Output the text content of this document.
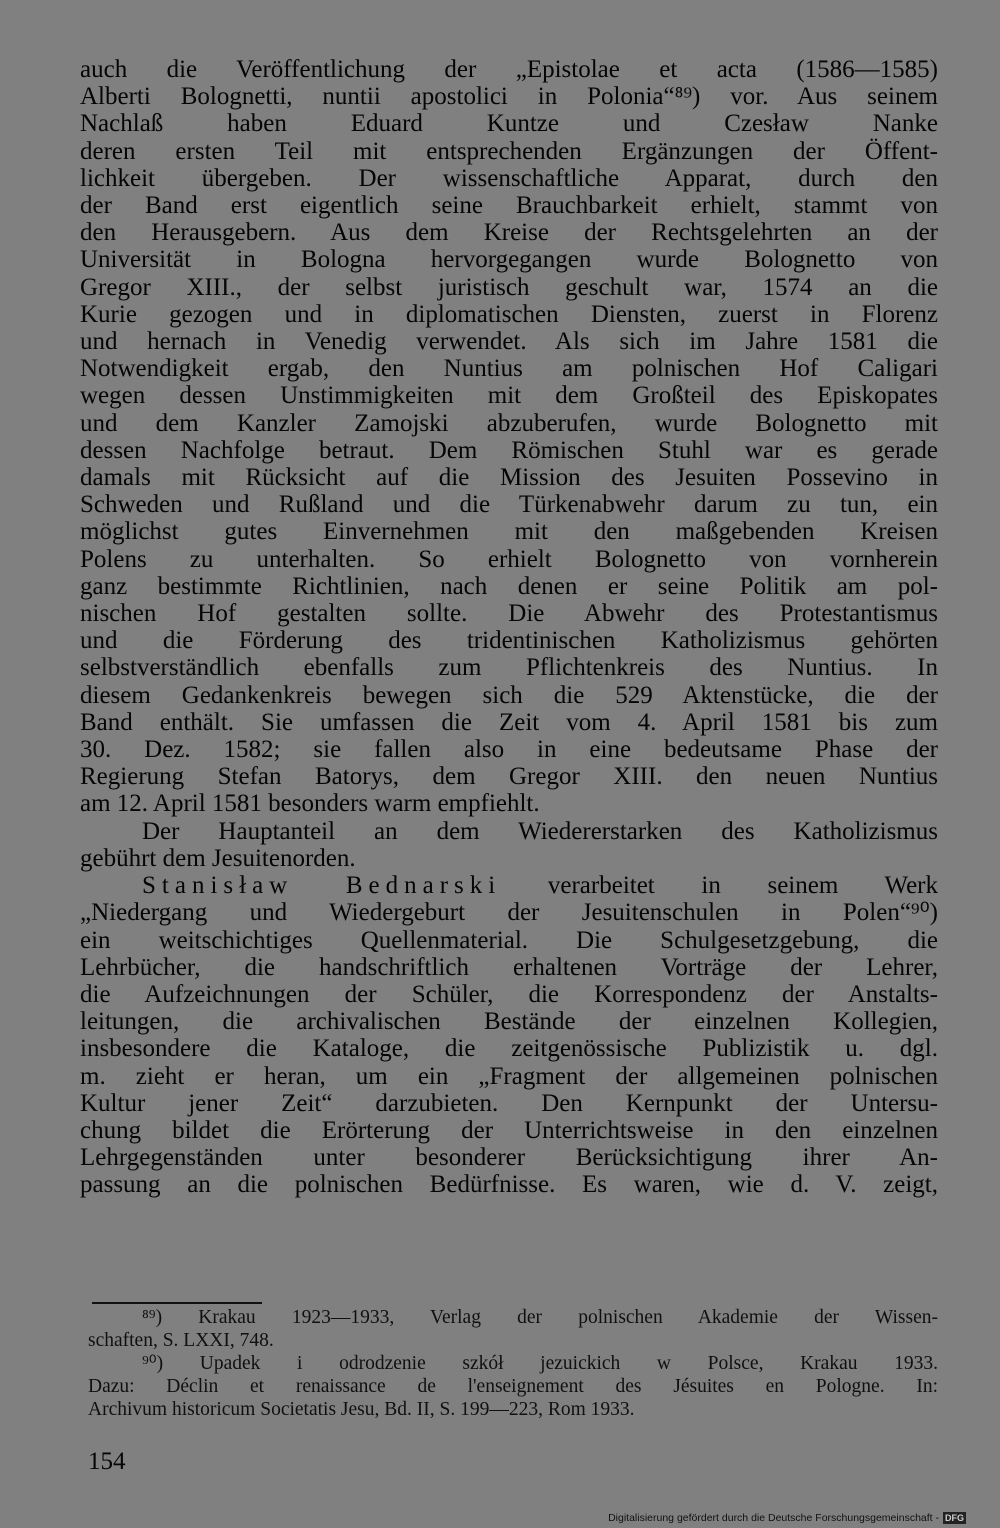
auch die Veröffentlichung der „Epistolae et acta (1586—1585)
Alberti Bolognetti, nuntii apostolici in Polonia“⁸⁹) vor. Aus seinem
Nachlaß haben Eduard Kuntze und Czesław Nanke
deren ersten Teil mit entsprechenden Ergänzungen der Öffent-
lichkeit übergeben. Der wissenschaftliche Apparat, durch den
der Band erst eigentlich seine Brauchbarkeit erhielt, stammt von
den Herausgebern. Aus dem Kreise der Rechtsgelehrten an der
Universität in Bologna hervorgegangen wurde Bolognetto von
Gregor XIII., der selbst juristisch geschult war, 1574 an die
Kurie gezogen und in diplomatischen Diensten, zuerst in Florenz
und hernach in Venedig verwendet. Als sich im Jahre 1581 die
Notwendigkeit ergab, den Nuntius am polnischen Hof Caligari
wegen dessen Unstimmigkeiten mit dem Großteil des Episkopates
und dem Kanzler Zamojski abzuberufen, wurde Bolognetto mit
dessen Nachfolge betraut. Dem Römischen Stuhl war es gerade
damals mit Rücksicht auf die Mission des Jesuiten Possevino in
Schweden und Rußland und die Türkenabwehr darum zu tun, ein
möglichst gutes Einvernehmen mit den maßgebenden Kreisen
Polens zu unterhalten. So erhielt Bolognetto von vornherein
ganz bestimmte Richtlinien, nach denen er seine Politik am pol-
nischen Hof gestalten sollte. Die Abwehr des Protestantismus
und die Förderung des tridentinischen Katholizismus gehörten
selbstverständlich ebenfalls zum Pflichtenkreis des Nuntius. In
diesem Gedankenkreis bewegen sich die 529 Aktenstücke, die der
Band enthält. Sie umfassen die Zeit vom 4. April 1581 bis zum
30. Dez. 1582; sie fallen also in eine bedeutsame Phase der
Regierung Stefan Batorys, dem Gregor XIII. den neuen Nuntius
am 12. April 1581 besonders warm empfiehlt.
Der Hauptanteil an dem Wiedererstarken des Katholizismus
gebührt dem Jesuitenorden.
Stanisław Bednarski verarbeitet in seinem Werk
„Niedergang und Wiedergeburt der Jesuitenschulen in Polen“⁹⁰)
ein weitschichtiges Quellenmaterial. Die Schulgesetzgebung, die
Lehrbücher, die handschriftlich erhaltenen Vorträge der Lehrer,
die Aufzeichnungen der Schüler, die Korrespondenz der Anstalts-
leitungen, die archivalischen Bestände der einzelnen Kollegien,
insbesondere die Kataloge, die zeitgenössische Publizistik u. dgl.
m. zieht er heran, um ein „Fragment der allgemeinen polnischen
Kultur jener Zeit“ darzubieten. Den Kernpunkt der Untersu-
chung bildet die Erörterung der Unterrichtsweise in den einzelnen
Lehrgegenständen unter besonderer Berücksichtigung ihrer An-
passung an die polnischen Bedürfnisse. Es waren, wie d. V. zeigt,
⁸⁹) Krakau 1923—1933, Verlag der polnischen Akademie der Wissen-
schaften, S. LXXI, 748.
⁹⁰) Upadek i odrodzenie szkół jezuickich w Polsce, Krakau 1933.
Dazu: Déclin et renaissance de l'enseignement des Jésuites en Pologne. In:
Archivum historicum Societatis Jesu, Bd. II, S. 199—223, Rom 1933.
154
Digitalisierung gefördert durch die Deutsche Forschungsgemeinschaft - DFG
